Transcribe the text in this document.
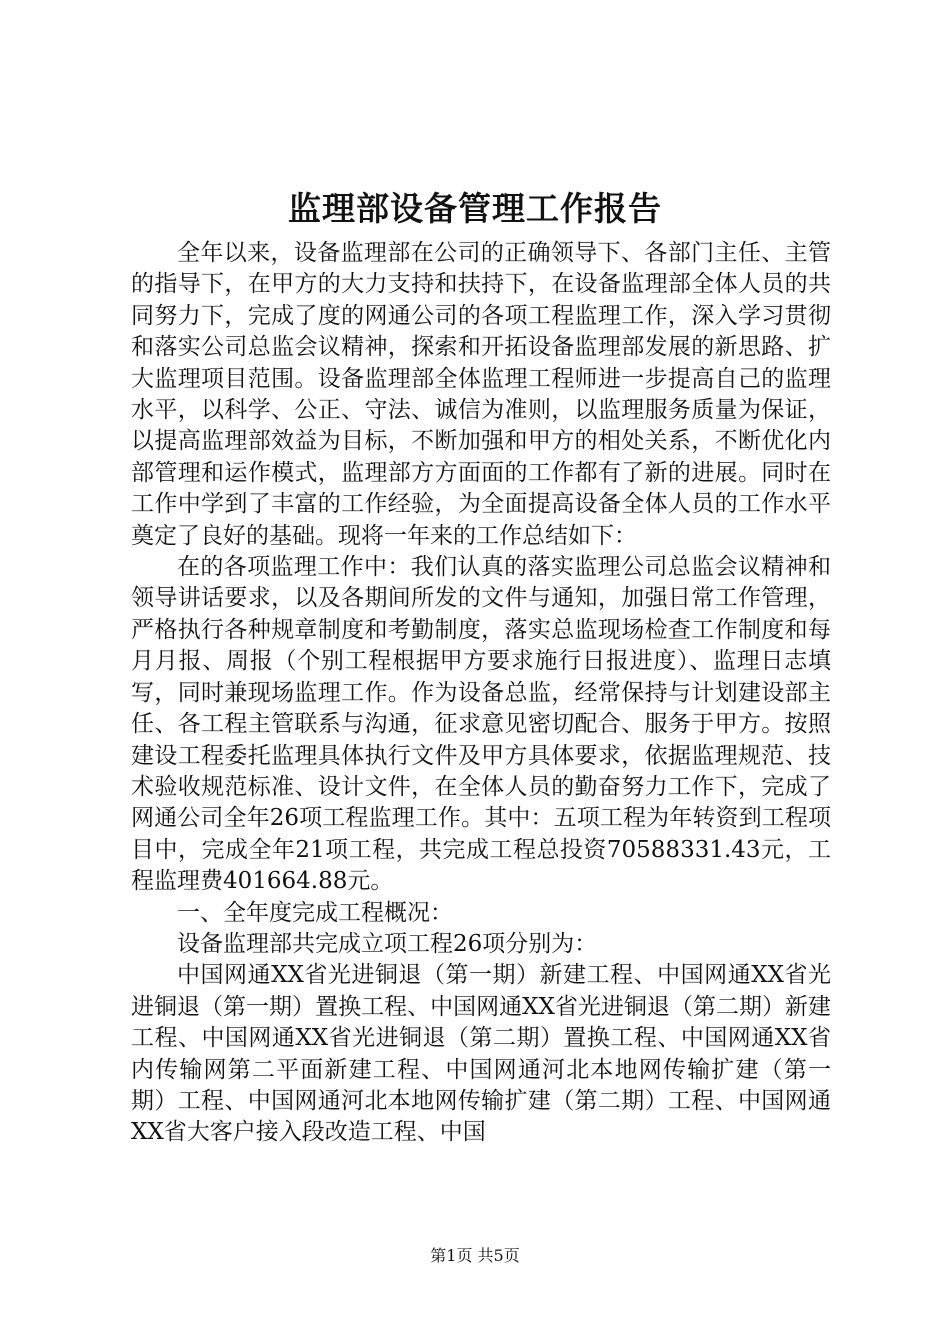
监理部设备管理工作报告

全年以来，设备监理部在公司的正确领导下、各部门主任、主管的指导下，在甲方的大力支持和扶持下，在设备监理部全体人员的共同努力下，完成了度的网通公司的各项工程监理工作，深入学习贯彻和落实公司总监会议精神，探索和开拓设备监理部发展的新思路、扩大监理项目范围。设备监理部全体监理工程师进一步提高自己的监理水平，以科学、公正、守法、诚信为准则，以监理服务质量为保证，以提高监理部效益为目标，不断加强和甲方的相处关系，不断优化内部管理和运作模式，监理部方方面面的工作都有了新的进展。同时在工作中学到了丰富的工作经验，为全面提高设备全体人员的工作水平奠定了良好的基础。现将一年来的工作总结如下：

在的各项监理工作中：我们认真的落实监理公司总监会议精神和领导讲话要求，以及各期间所发的文件与通知，加强日常工作管理，严格执行各种规章制度和考勤制度，落实总监现场检查工作制度和每月月报、周报（个别工程根据甲方要求施行日报进度）、监理日志填写，同时兼现场监理工作。作为设备总监，经常保持与计划建设部主任、各工程主管联系与沟通，征求意见密切配合、服务于甲方。按照建设工程委托监理具体执行文件及甲方具体要求，依据监理规范、技术验收规范标准、设计文件，在全体人员的勤奋努力工作下，完成了网通公司全年26项工程监理工作。其中：五项工程为年转资到工程项目中，完成全年21项工程，共完成工程总投资70588331.43元，工程监理费401664.88元。

一、全年度完成工程概况：

设备监理部共完成立项工程26项分别为：

中国网通XX省光进铜退（第一期）新建工程、中国网通XX省光进铜退（第一期）置换工程、中国网通XX省光进铜退（第二期）新建工程、中国网通XX省光进铜退（第二期）置换工程、中国网通XX省内传输网第二平面新建工程、中国网通河北本地网传输扩建（第一期）工程、中国网通河北本地网传输扩建（第二期）工程、中国网通XX省大客户接入段改造工程、中国

第1页 共5页
